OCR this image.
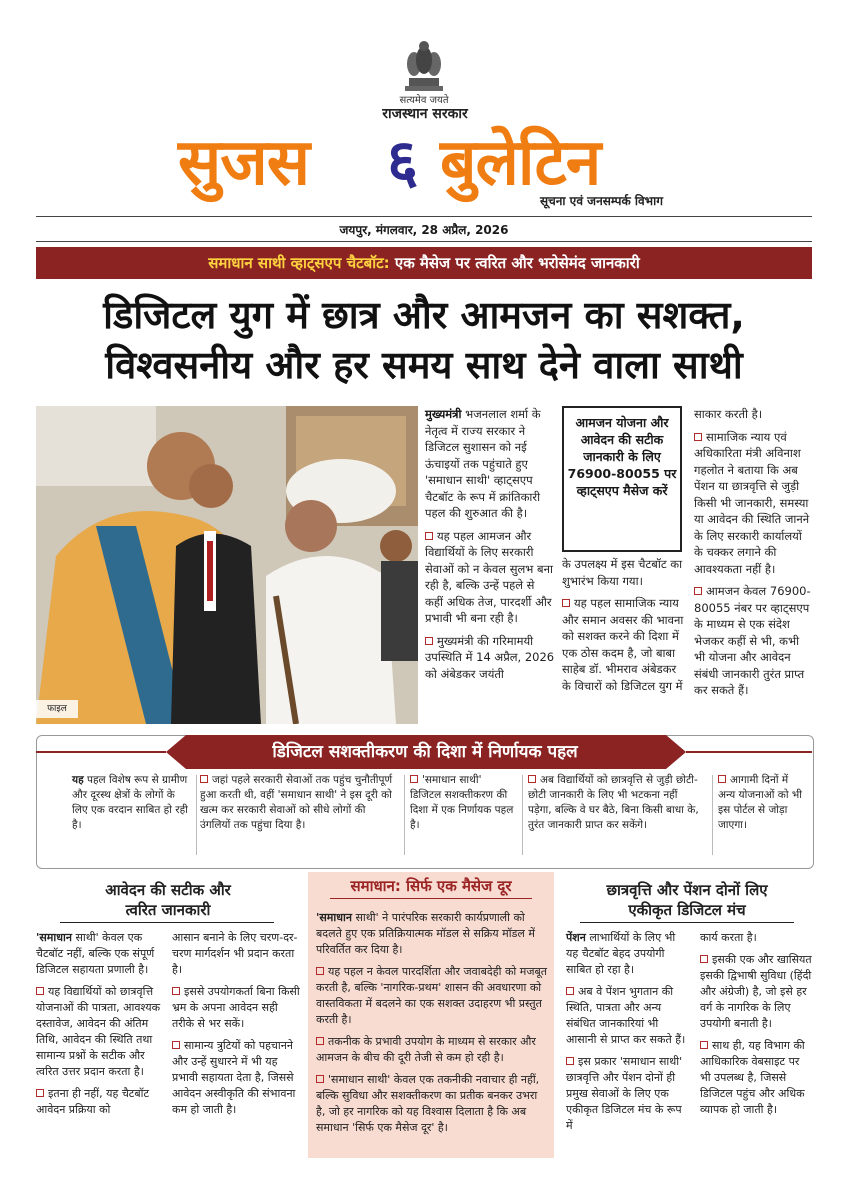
सत्यमेव जयते
राजस्थान सरकार
सुजस ६ बुलेटिन
सूचना एवं जनसम्पर्क विभाग
जयपुर, मंगलवार, 28 अप्रैल, 2026
समाधान साथी व्हाट्सएप चैटबॉट: एक मैसेज पर त्वरित और भरोसेमंद जानकारी
डिजिटल युग में छात्र और आमजन का सशक्त,
विश्वसनीय और हर समय साथ देने वाला साथी
फाइल

मुख्यमंत्री भजनलाल शर्मा के नेतृत्व में राज्य सरकार ने डिजिटल सुशासन को नई ऊंचाइयों तक पहुंचाते हुए 'समाधान साथी' व्हाट्सएप चैटबॉट के रूप में क्रांतिकारी पहल की शुरुआत की है।

यह पहल आमजन और विद्यार्थियों के लिए सरकारी सेवाओं को न केवल सुलभ बना रही है, बल्कि उन्हें पहले से कहीं अधिक तेज, पारदर्शी और प्रभावी भी बना रही है।

मुख्यमंत्री की गरिमामयी उपस्थिति में 14 अप्रैल, 2026 को अंबेडकर जयंती

आमजन योजना और आवेदन की सटीक जानकारी के लिए 76900-80055 पर व्हाट्सएप मैसेज करें

के उपलक्ष्य में इस चैटबॉट का शुभारंभ किया गया।

यह पहल सामाजिक न्याय और समान अवसर की भावना को सशक्त करने की दिशा में एक ठोस कदम है, जो बाबा साहेब डॉ. भीमराव अंबेडकर के विचारों को डिजिटल युग में

साकार करती है।

सामाजिक न्याय एवं अधिकारिता मंत्री अविनाश गहलोत ने बताया कि अब पेंशन या छात्रवृत्ति से जुड़ी किसी भी जानकारी, समस्या या आवेदन की स्थिति जानने के लिए सरकारी कार्यालयों के चक्कर लगाने की आवश्यकता नहीं है।

आमजन केवल 76900-80055 नंबर पर व्हाट्सएप के माध्यम से एक संदेश भेजकर कहीं से भी, कभी भी योजना और आवेदन संबंधी जानकारी तुरंत प्राप्त कर सकते हैं।

डिजिटल सशक्तीकरण की दिशा में निर्णायक पहल
यह पहल विशेष रूप से ग्रामीण और दूरस्थ क्षेत्रों के लोगों के लिए एक वरदान साबित हो रही है।
जहां पहले सरकारी सेवाओं तक पहुंच चुनौतीपूर्ण हुआ करती थी, वहीं 'समाधान साथी' ने इस दूरी को खत्म कर सरकारी सेवाओं को सीधे लोगों की उंगलियों तक पहुंचा दिया है।
'समाधान साथी' डिजिटल सशक्तीकरण की दिशा में एक निर्णायक पहल है।
अब विद्यार्थियों को छात्रवृत्ति से जुड़ी छोटी-छोटी जानकारी के लिए भी भटकना नहीं पड़ेगा, बल्कि वे घर बैठे, बिना किसी बाधा के, तुरंत जानकारी प्राप्त कर सकेंगे।
आगामी दिनों में अन्य योजनाओं को भी इस पोर्टल से जोड़ा जाएगा।
आवेदन की सटीक और
त्वरित जानकारी

'समाधान साथी' केवल एक चैटबॉट नहीं, बल्कि एक संपूर्ण डिजिटल सहायता प्रणाली है।

यह विद्यार्थियों को छात्रवृत्ति योजनाओं की पात्रता, आवश्यक दस्तावेज, आवेदन की अंतिम तिथि, आवेदन की स्थिति तथा सामान्य प्रश्नों के सटीक और त्वरित उत्तर प्रदान करता है।

इतना ही नहीं, यह चैटबॉट आवेदन प्रक्रिया को

आसान बनाने के लिए चरण-दर-चरण मार्गदर्शन भी प्रदान करता है।

इससे उपयोगकर्ता बिना किसी भ्रम के अपना आवेदन सही तरीके से भर सकें।

सामान्य त्रुटियों को पहचानने और उन्हें सुधारने में भी यह प्रभावी सहायता देता है, जिससे आवेदन अस्वीकृति की संभावना कम हो जाती है।

समाधान: सिर्फ एक मैसेज दूर

'समाधान साथी' ने पारंपरिक सरकारी कार्यप्रणाली को बदलते हुए एक प्रतिक्रियात्मक मॉडल से सक्रिय मॉडल में परिवर्तित कर दिया है।

यह पहल न केवल पारदर्शिता और जवाबदेही को मजबूत करती है, बल्कि 'नागरिक-प्रथम' शासन की अवधारणा को वास्तविकता में बदलने का एक सशक्त उदाहरण भी प्रस्तुत करती है।

तकनीक के प्रभावी उपयोग के माध्यम से सरकार और आमजन के बीच की दूरी तेजी से कम हो रही है।

'समाधान साथी' केवल एक तकनीकी नवाचार ही नहीं, बल्कि सुविधा और सशक्तीकरण का प्रतीक बनकर उभरा है, जो हर नागरिक को यह विश्वास दिलाता है कि अब समाधान 'सिर्फ एक मैसेज दूर' है।

छात्रवृत्ति और पेंशन दोनों लिए
एकीकृत डिजिटल मंच

पेंशन लाभार्थियों के लिए भी यह चैटबॉट बेहद उपयोगी साबित हो रहा है।

अब वे पेंशन भुगतान की स्थिति, पात्रता और अन्य संबंधित जानकारियां भी आसानी से प्राप्त कर सकते हैं।

इस प्रकार 'समाधान साथी' छात्रवृत्ति और पेंशन दोनों ही प्रमुख सेवाओं के लिए एक एकीकृत डिजिटल मंच के रूप में

कार्य करता है।

इसकी एक और खासियत इसकी द्विभाषी सुविधा (हिंदी और अंग्रेजी) है, जो इसे हर वर्ग के नागरिक के लिए उपयोगी बनाती है।

साथ ही, यह विभाग की आधिकारिक वेबसाइट पर भी उपलब्ध है, जिससे डिजिटल पहुंच और अधिक व्यापक हो जाती है।
